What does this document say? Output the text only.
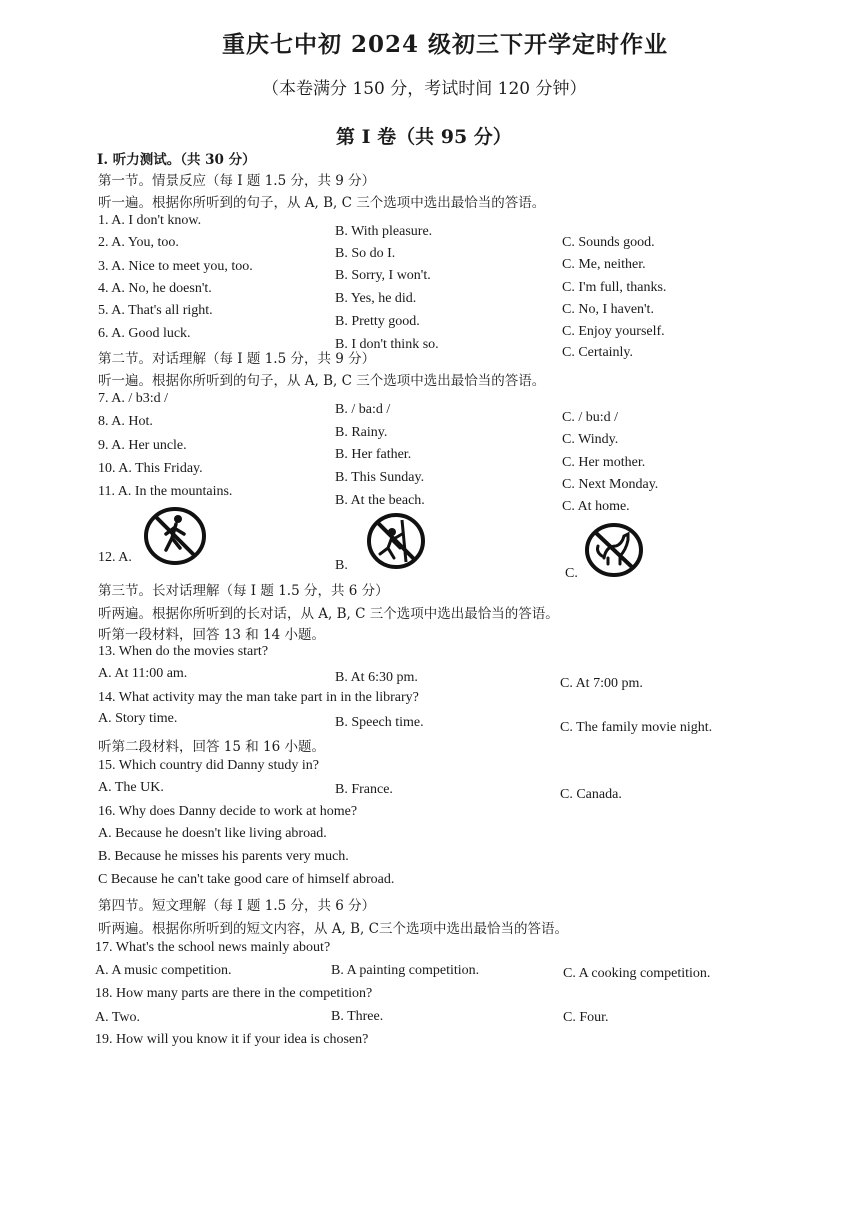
重庆七中初 2024 级初三下开学定时作业
（本卷满分 150 分，考试时间 120 分钟）
第 I 卷（共 95 分）
I. 听力测试。（共 30 分）
第一节。情景反应（每 I 题 1.5 分，共 9 分）
听一遍。根据你所听到的句子，从 A, B, C 三个选项中选出最恰当的答语。
1. A. I don't know.
B. With pleasure.
C. Sounds good.
2. A. You, too.
B. So do I.
C. Me, neither.
3. A. Nice to meet you, too.
B. Sorry, I won't.
C. I'm full, thanks.
4. A. No, he doesn't.
B. Yes, he did.
C. No, I haven't.
5. A. That's all right.
B. Pretty good.
C. Enjoy yourself.
6. A. Good luck.
B. I don't think so.
C. Certainly.
第二节。对话理解（每 I 题 1.5 分，共 9 分）
听一遍。根据你所听到的句子，从 A, B, C 三个选项中选出最恰当的答语。
7. A. / b3:d /
B. / ba:d /
C. / bu:d /
8. A. Hot.
B. Rainy.	C. Windy.
9. A. Her uncle.
B. Her father.
C. Her mother.
10. A. This Friday.
B. This Sunday.	C. Next Monday.
11. A. In the mountains.
B. At the beach.	C. At home.
12. A.
B.
C.
第三节。长对话理解（每 I 题 1.5 分，共 6 分）
听两遍。根据你所听到的长对话，从 A, B, C 三个选项中选出最恰当的答语。
听第一段材料，回答 13 和 14 小题。
13. When do the movies start?
A. At 11:00 am.	B. At 6:30 pm.	C. At 7:00 pm.
14. What activity may the man take part in in the library?
A. Story time.	B. Speech time.	C. The family movie night.
听第二段材料，回答 15 和 16 小题。
15. Which country did Danny study in?
A. The UK.	B. France.	C. Canada.
16. Why does Danny decide to work at home?
A. Because he doesn't like living abroad.
B. Because he misses his parents very much.
C Because he can't take good care of himself abroad.
第四节。短文理解（每 I 题 1.5 分，共 6 分）
听两遍。根据你所听到的短文内容，从 A, B, C三个选项中选出最恰当的答语。
17. What's the school news mainly about?
A. A music competition.	B. A painting competition.	C. A cooking competition.
18. How many parts are there in the competition?
A. Two.	B. Three.	C. Four.
19. How will you know it if your idea is chosen?
